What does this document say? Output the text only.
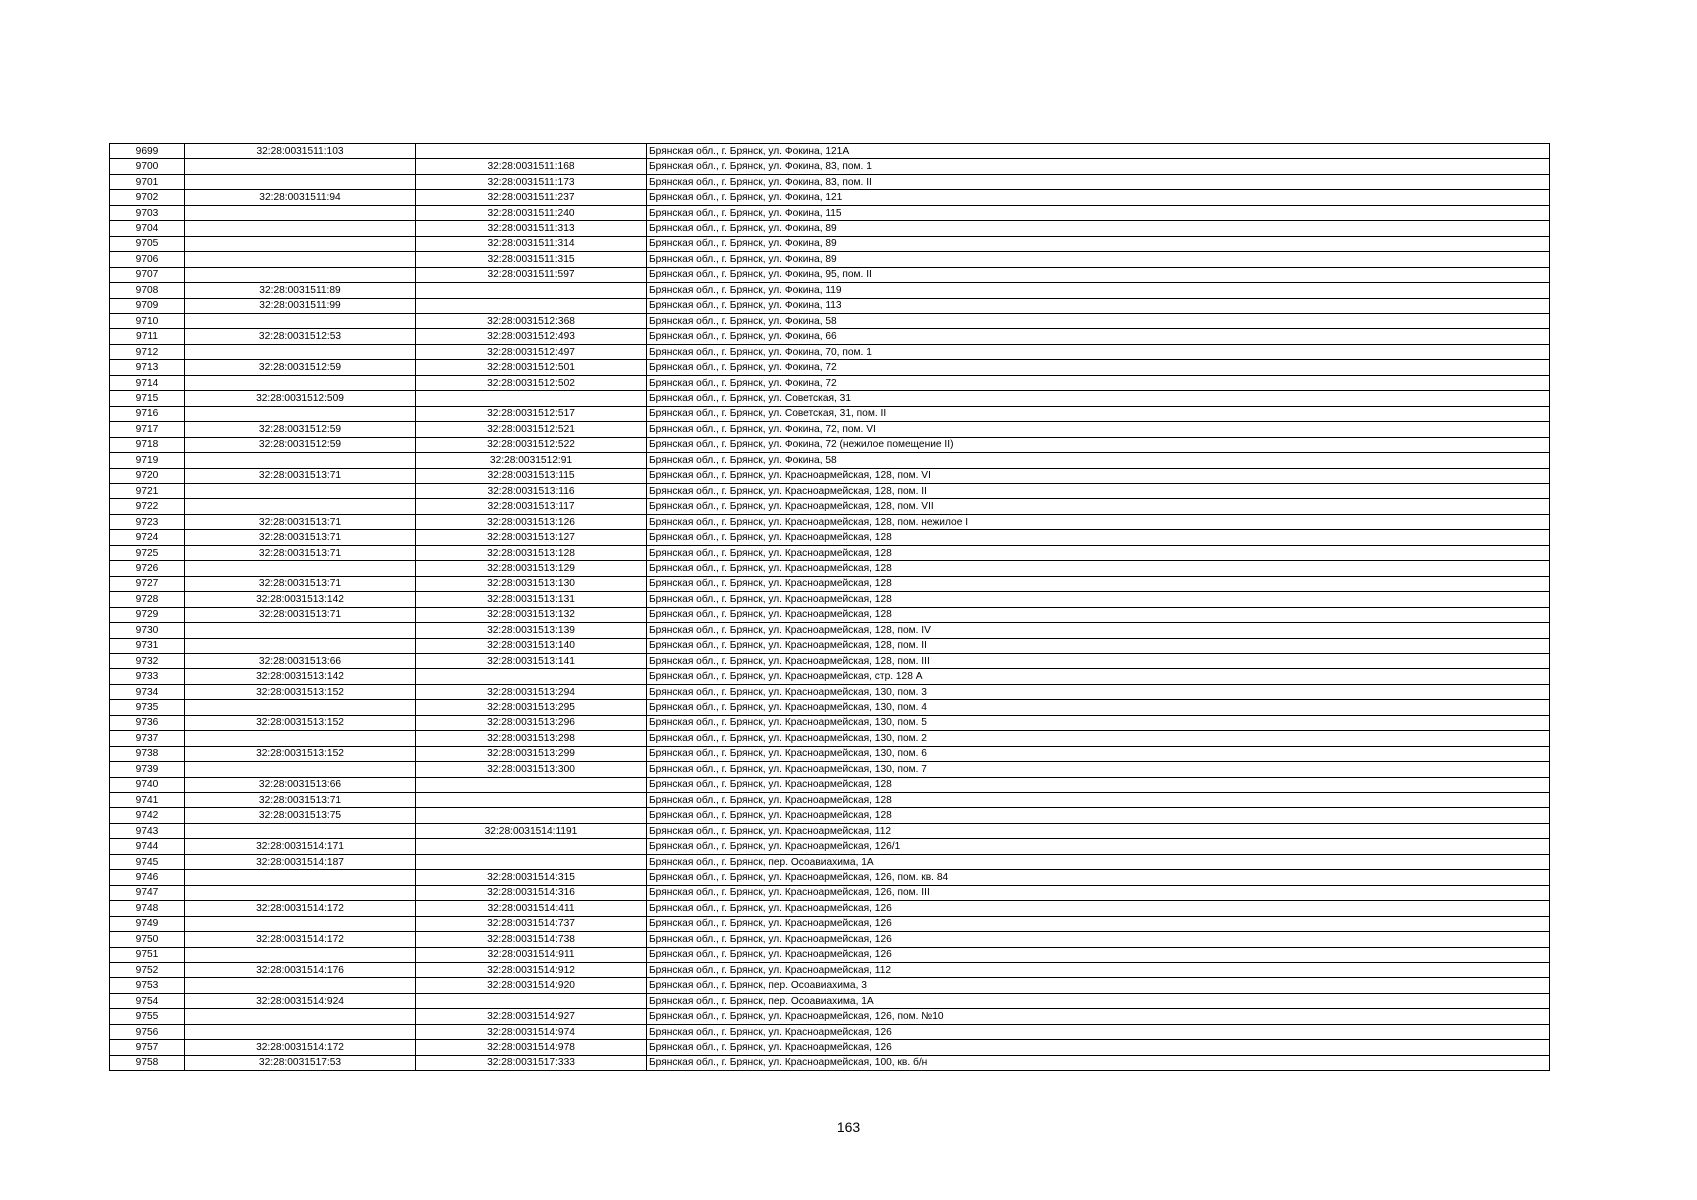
9699	32:28:0031511:103		Брянская обл., г. Брянск, ул. Фокина, 121А
9700		32:28:0031511:168	Брянская обл., г. Брянск, ул. Фокина, 83, пом. 1
9701		32:28:0031511:173	Брянская обл., г. Брянск, ул. Фокина, 83, пом. II
9702	32:28:0031511:94	32:28:0031511:237	Брянская обл., г. Брянск, ул. Фокина, 121
9703		32:28:0031511:240	Брянская обл., г. Брянск, ул. Фокина, 115
9704		32:28:0031511:313	Брянская обл., г. Брянск, ул. Фокина, 89
9705		32:28:0031511:314	Брянская обл., г. Брянск, ул. Фокина, 89
9706		32:28:0031511:315	Брянская обл., г. Брянск, ул. Фокина, 89
9707		32:28:0031511:597	Брянская обл., г. Брянск, ул. Фокина, 95, пом. II
9708	32:28:0031511:89		Брянская обл., г. Брянск, ул. Фокина, 119
9709	32:28:0031511:99		Брянская обл., г. Брянск, ул. Фокина, 113
9710		32:28:0031512:368	Брянская обл., г. Брянск, ул. Фокина, 58
9711	32:28:0031512:53	32:28:0031512:493	Брянская обл., г. Брянск, ул. Фокина, 66
9712		32:28:0031512:497	Брянская обл., г. Брянск, ул. Фокина, 70, пом. 1
9713	32:28:0031512:59	32:28:0031512:501	Брянская обл., г. Брянск, ул. Фокина, 72
9714		32:28:0031512:502	Брянская обл., г. Брянск, ул. Фокина, 72
9715	32:28:0031512:509		Брянская обл., г. Брянск, ул. Советская, 31
9716		32:28:0031512:517	Брянская обл., г. Брянск, ул. Советская, 31, пом. II
9717	32:28:0031512:59	32:28:0031512:521	Брянская обл., г. Брянск, ул. Фокина, 72, пом. VI
9718	32:28:0031512:59	32:28:0031512:522	Брянская обл., г. Брянск, ул. Фокина, 72 (нежилое помещение II)
9719		32:28:0031512:91	Брянская обл., г. Брянск, ул. Фокина, 58
9720	32:28:0031513:71	32:28:0031513:115	Брянская обл., г. Брянск, ул. Красноармейская, 128, пом. VI
9721		32:28:0031513:116	Брянская обл., г. Брянск, ул. Красноармейская, 128, пом. II
9722		32:28:0031513:117	Брянская обл., г. Брянск, ул. Красноармейская, 128, пом. VII
9723	32:28:0031513:71	32:28:0031513:126	Брянская обл., г. Брянск, ул. Красноармейская, 128, пом. нежилое I
9724	32:28:0031513:71	32:28:0031513:127	Брянская обл., г. Брянск, ул. Красноармейская, 128
9725	32:28:0031513:71	32:28:0031513:128	Брянская обл., г. Брянск, ул. Красноармейская, 128
9726		32:28:0031513:129	Брянская обл., г. Брянск, ул. Красноармейская, 128
9727	32:28:0031513:71	32:28:0031513:130	Брянская обл., г. Брянск, ул. Красноармейская, 128
9728	32:28:0031513:142	32:28:0031513:131	Брянская обл., г. Брянск, ул. Красноармейская, 128
9729	32:28:0031513:71	32:28:0031513:132	Брянская обл., г. Брянск, ул. Красноармейская, 128
9730		32:28:0031513:139	Брянская обл., г. Брянск, ул. Красноармейская, 128, пом. IV
9731		32:28:0031513:140	Брянская обл., г. Брянск, ул. Красноармейская, 128, пом. II
9732	32:28:0031513:66	32:28:0031513:141	Брянская обл., г. Брянск, ул. Красноармейская, 128, пом. III
9733	32:28:0031513:142		Брянская обл., г. Брянск, ул. Красноармейская, стр. 128 А
9734	32:28:0031513:152	32:28:0031513:294	Брянская обл., г. Брянск, ул. Красноармейская, 130, пом. 3
9735		32:28:0031513:295	Брянская обл., г. Брянск, ул. Красноармейская, 130, пом. 4
9736	32:28:0031513:152	32:28:0031513:296	Брянская обл., г. Брянск, ул. Красноармейская, 130, пом. 5
9737		32:28:0031513:298	Брянская обл., г. Брянск, ул. Красноармейская, 130, пом. 2
9738	32:28:0031513:152	32:28:0031513:299	Брянская обл., г. Брянск, ул. Красноармейская, 130, пом. 6
9739		32:28:0031513:300	Брянская обл., г. Брянск, ул. Красноармейская, 130, пом. 7
9740	32:28:0031513:66		Брянская обл., г. Брянск, ул. Красноармейская, 128
9741	32:28:0031513:71		Брянская обл., г. Брянск, ул. Красноармейская, 128
9742	32:28:0031513:75		Брянская обл., г. Брянск, ул. Красноармейская, 128
9743		32:28:0031514:1191	Брянская обл., г. Брянск, ул. Красноармейская, 112
9744	32:28:0031514:171		Брянская обл., г. Брянск, ул. Красноармейская, 126/1
9745	32:28:0031514:187		Брянская обл., г. Брянск, пер. Осоавиахима, 1А
9746		32:28:0031514:315	Брянская обл., г. Брянск, ул. Красноармейская, 126, пом. кв. 84
9747		32:28:0031514:316	Брянская обл., г. Брянск, ул. Красноармейская, 126, пом. III
9748	32:28:0031514:172	32:28:0031514:411	Брянская обл., г. Брянск, ул. Красноармейская, 126
9749		32:28:0031514:737	Брянская обл., г. Брянск, ул. Красноармейская, 126
9750	32:28:0031514:172	32:28:0031514:738	Брянская обл., г. Брянск, ул. Красноармейская, 126
9751		32:28:0031514:911	Брянская обл., г. Брянск, ул. Красноармейская, 126
9752	32:28:0031514:176	32:28:0031514:912	Брянская обл., г. Брянск, ул. Красноармейская, 112
9753		32:28:0031514:920	Брянская обл., г. Брянск, пер. Осоавиахима, 3
9754	32:28:0031514:924		Брянская обл., г. Брянск, пер. Осоавиахима, 1А
9755		32:28:0031514:927	Брянская обл., г. Брянск, ул. Красноармейская, 126, пом. №10
9756		32:28:0031514:974	Брянская обл., г. Брянск, ул. Красноармейская, 126
9757	32:28:0031514:172	32:28:0031514:978	Брянская обл., г. Брянск, ул. Красноармейская, 126
9758	32:28:0031517:53	32:28:0031517:333	Брянская обл., г. Брянск, ул. Красноармейская, 100, кв. б/н
163
